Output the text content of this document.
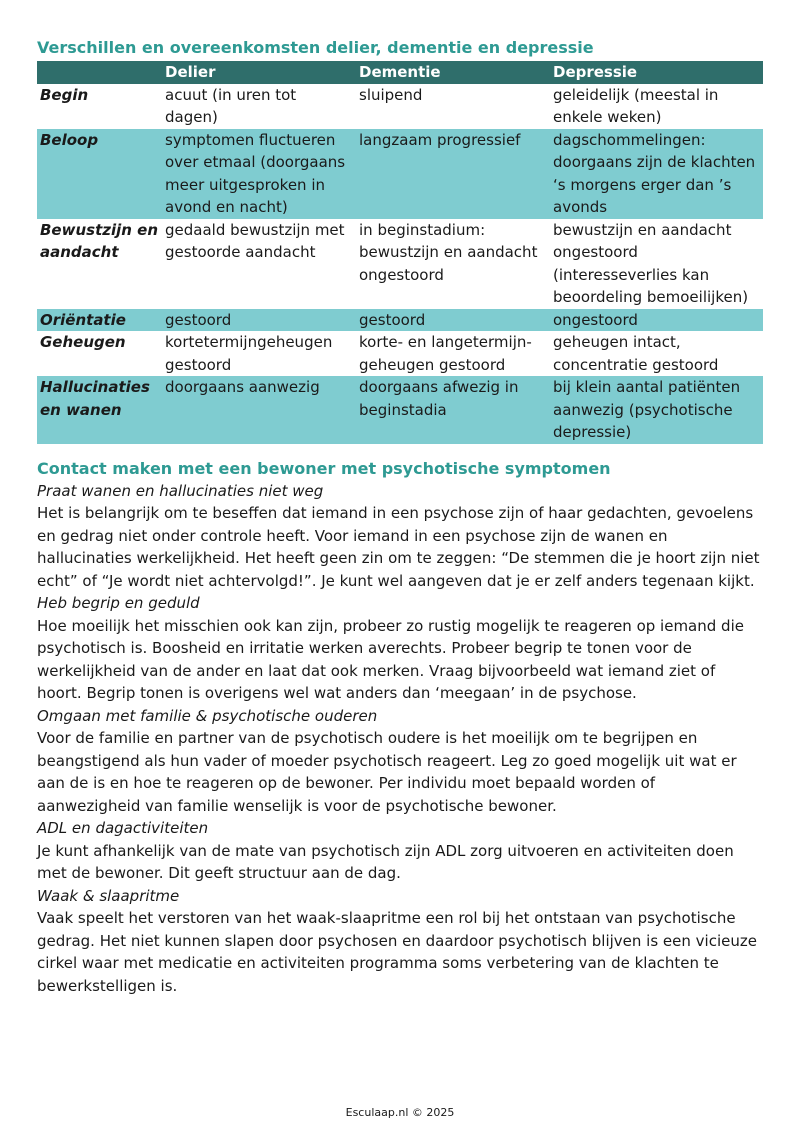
Verschillen en overeenkomsten delier, dementie en depressie
	Delier	Dementie	Depressie
Begin	acuut (in uren tot dagen)	sluipend	geleidelijk (meestal in enkele weken)
Beloop	symptomen fluctueren over etmaal (doorgaans meer uitgesproken in avond en nacht)	langzaam progressief	dagschommelingen: doorgaans zijn de klachten ‘s morgens erger dan ’s avonds
Bewustzijn en aandacht	gedaald bewustzijn met gestoorde aandacht	in beginstadium: bewustzijn en aandacht ongestoord	bewustzijn en aandacht ongestoord (interesseverlies kan beoordeling bemoeilijken)
Oriëntatie	gestoord	gestoord	ongestoord
Geheugen	kortetermijngeheugen gestoord	korte- en langetermijn-geheugen gestoord	geheugen intact, concentratie gestoord
Hallucinaties en wanen	doorgaans aanwezig	doorgaans afwezig in beginstadia	bij klein aantal patiënten aanwezig (psychotische depressie)
Contact maken met een bewoner met psychotische symptomen

Praat wanen en hallucinaties niet weg

Het is belangrijk om te beseffen dat iemand in een psychose zijn of haar gedachten, gevoelens en gedrag niet onder controle heeft. Voor iemand in een psychose zijn de wanen en hallucinaties werkelijkheid. Het heeft geen zin om te zeggen: “De stemmen die je hoort zijn niet echt” of “Je wordt niet achtervolgd!”. Je kunt wel aangeven dat je er zelf anders tegenaan kijkt.

Heb begrip en geduld

Hoe moeilijk het misschien ook kan zijn, probeer zo rustig mogelijk te reageren op iemand die psychotisch is. Boosheid en irritatie werken averechts. Probeer begrip te tonen voor de werkelijkheid van de ander en laat dat ook merken. Vraag bijvoorbeeld wat iemand ziet of hoort. Begrip tonen is overigens wel wat anders dan ‘meegaan’ in de psychose.

Omgaan met familie & psychotische ouderen

Voor de familie en partner van de psychotisch oudere is het moeilijk om te begrijpen en beangstigend als hun vader of moeder psychotisch reageert. Leg zo goed mogelijk uit wat er aan de is en hoe te reageren op de bewoner. Per individu moet bepaald worden of aanwezigheid van familie wenselijk is voor de psychotische bewoner.

ADL en dagactiviteiten

Je kunt afhankelijk van de mate van psychotisch zijn ADL zorg uitvoeren en activiteiten doen met de bewoner. Dit geeft structuur aan de dag.

Waak & slaapritme

Vaak speelt het verstoren van het waak-slaapritme een rol bij het ontstaan van psychotische gedrag. Het niet kunnen slapen door psychosen en daardoor psychotisch blijven is een vicieuze cirkel waar met medicatie en activiteiten programma soms verbetering van de klachten te bewerkstelligen is.

Esculaap.nl © 2025
